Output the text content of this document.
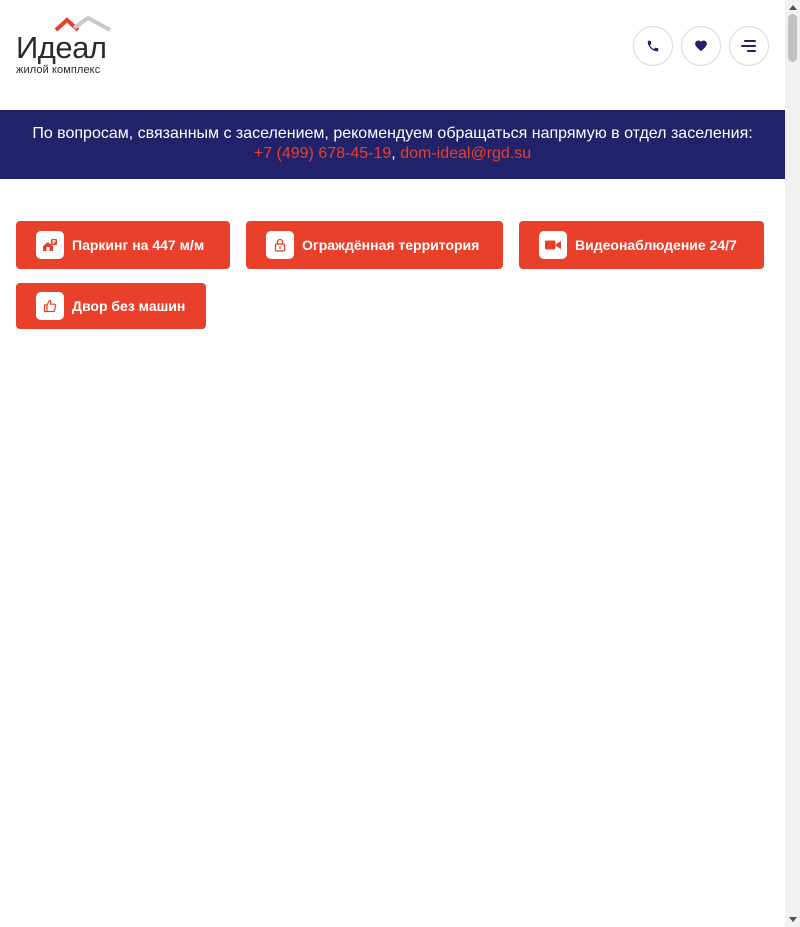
Идеал
жилой комплекс
По вопросам, связанным с заселением, рекомендуем обращаться напрямую в отдел заселения:
+7 (499) 678-45-19, dom-ideal@rgd.su
P Паркинг на 447 м/м	Ограждённая территория	Видеонаблюдение 24/7
Двор без машин
